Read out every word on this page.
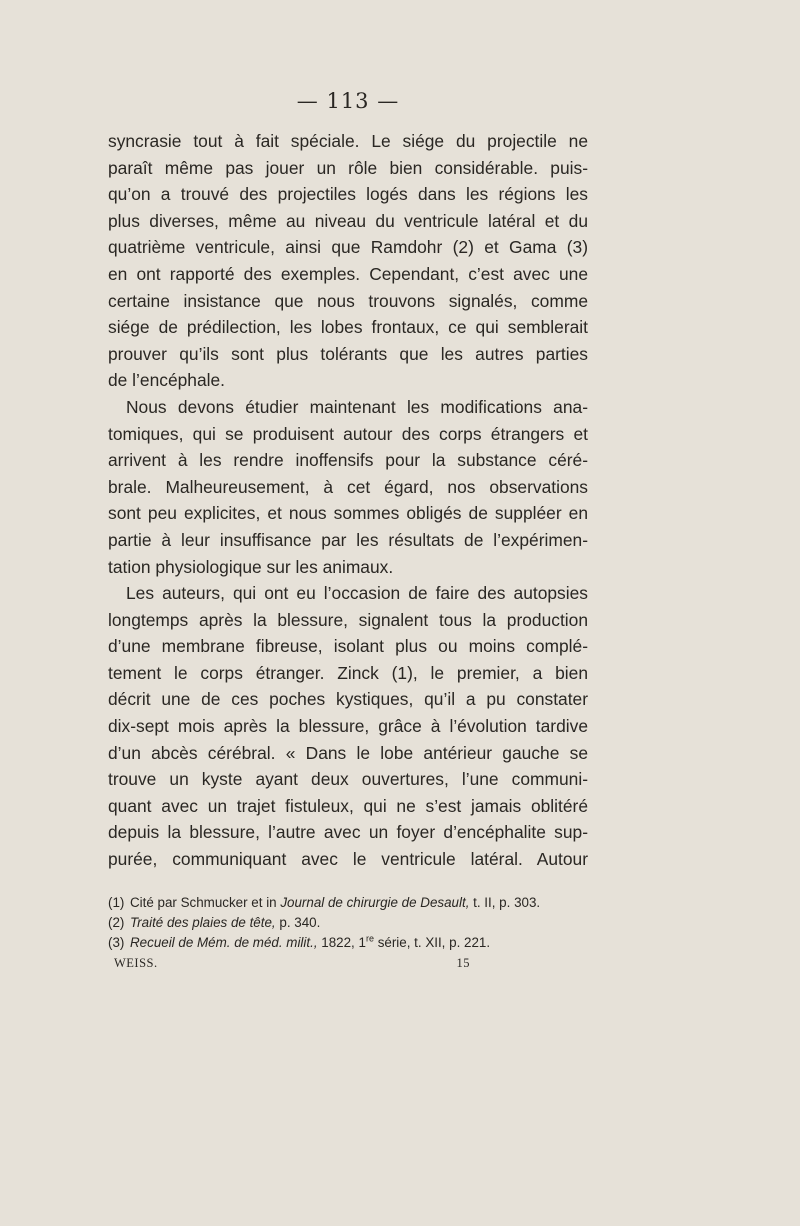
— 113 —
syncrasie tout à fait spéciale. Le siége du projectile ne
paraît même pas jouer un rôle bien considérable. puis-
qu’on a trouvé des projectiles logés dans les régions les
plus diverses, même au niveau du ventricule latéral et du
quatrième ventricule, ainsi que Ramdohr (2) et Gama (3)
en ont rapporté des exemples. Cependant, c’est avec une
certaine insistance que nous trouvons signalés, comme
siége de prédilection, les lobes frontaux, ce qui semblerait
prouver qu’ils sont plus tolérants que les autres parties
de l’encéphale.
Nous devons étudier maintenant les modifications ana-
tomiques, qui se produisent autour des corps étrangers et
arrivent à les rendre inoffensifs pour la substance céré-
brale. Malheureusement, à cet égard, nos observations
sont peu explicites, et nous sommes obligés de suppléer en
partie à leur insuffisance par les résultats de l’expérimen-
tation physiologique sur les animaux.
Les auteurs, qui ont eu l’occasion de faire des autopsies
longtemps après la blessure, signalent tous la production
d’une membrane fibreuse, isolant plus ou moins complé-
tement le corps étranger. Zinck (1), le premier, a bien
décrit une de ces poches kystiques, qu’il a pu constater
dix-sept mois après la blessure, grâce à l’évolution tardive
d’un abcès cérébral. « Dans le lobe antérieur gauche se
trouve un kyste ayant deux ouvertures, l’une communi-
quant avec un trajet fistuleux, qui ne s’est jamais oblitéré
depuis la blessure, l’autre avec un foyer d’encéphalite sup-
purée, communiquant avec le ventricule latéral. Autour
(1) Cité par Schmucker et in Journal de chirurgie de Desault, t. II, p. 303.
(2) Traité des plaies de tête, p. 340.
(3) Recueil de Mém. de méd. milit., 1822, 1re série, t. XII, p. 221.
WEISS.	15
